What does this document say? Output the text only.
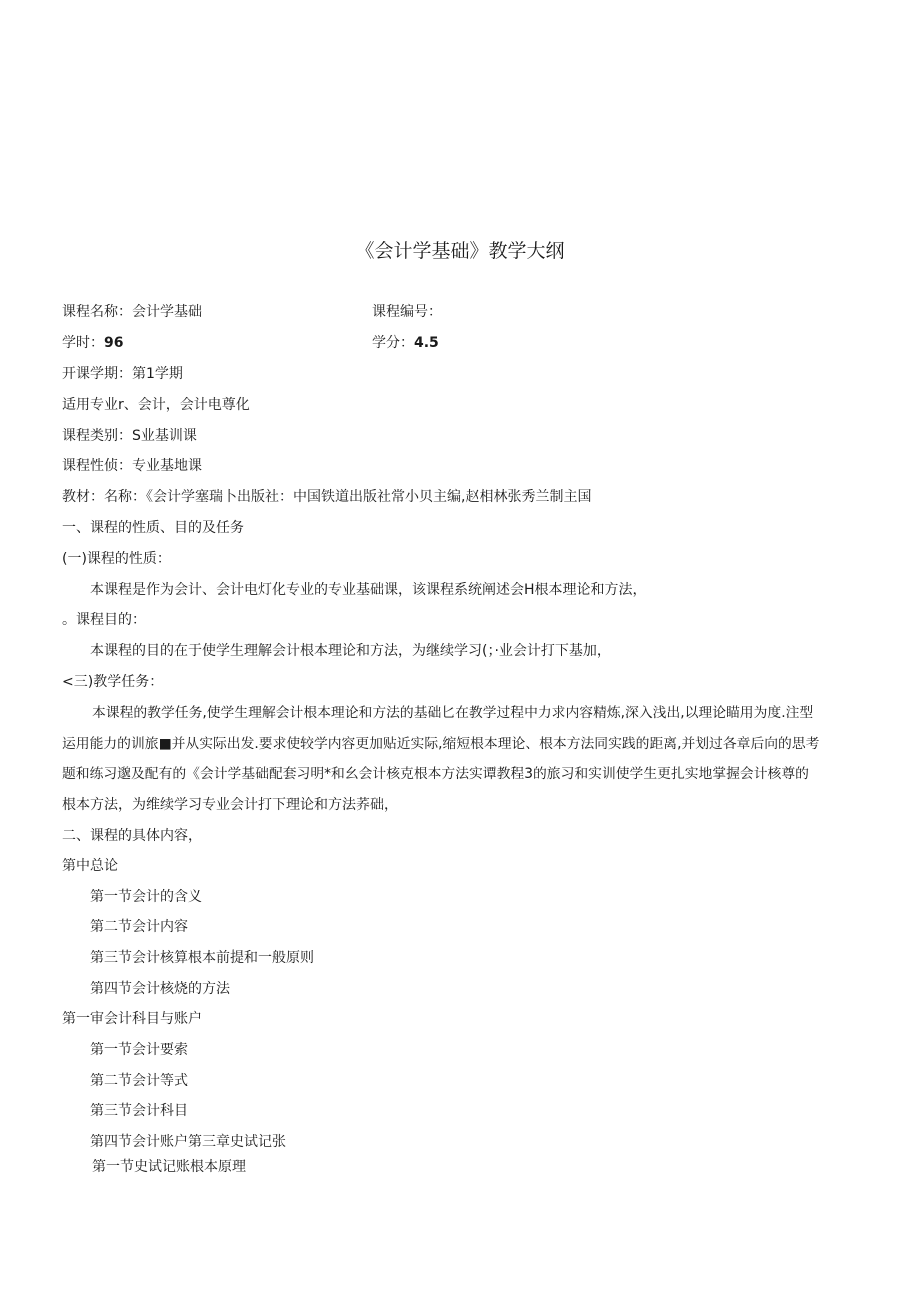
《会计学基础》教学大纲
课程名称：会计学基础	课程编号：
学时：96	学分：4.5
开课学期：第1学期
适用专业r、会计，会计电尊化
课程类别：S业基训课
课程性侦：专业基地课
教材：名称：《会计学塞瑞卜出版社：中国铁道出版社常小贝主编,赵相林张秀兰制主国
一、课程的性质、目的及任务
(一)课程的性质：
本课程是作为会计、会计电灯化专业的专业基础课，该课程系统阐述会H根本理论和方法，
。课程目的：
本课程的目的在于使学生理解会计根本理论和方法，为继续学习(；·业会计打下基加，
<三)教学任务：
本课程的教学任务,使学生理解会计根本理论和方法的基础匕在教学过程中力求内容精炼,深入浅出,以理论瞄用为度.注型
运用能力的训旅■并从实际出发.要求使较学内容更加贴近实际,缩短根本理论、根本方法同实践的距离,并划过各章后向的思考
题和练习邈及配有的《会计学基础配套习明*和幺会计核克根本方法实谭教程3的旅习和实训使学生更扎实地掌握会计核尊的
根本方法，为维续学习专业会计打下理论和方法荞础，
二、课程的具体内容，
第中总论
第一节会计的含义
第二节会计内容
第三节会计核算根本前提和一般原则
第四节会计核烧的方法
第一审会计科目与账户
第一节会计要索
第二节会计等式
第三节会计科目
第四节会计账户第三章史试记张
第一节史试记账根本原理
